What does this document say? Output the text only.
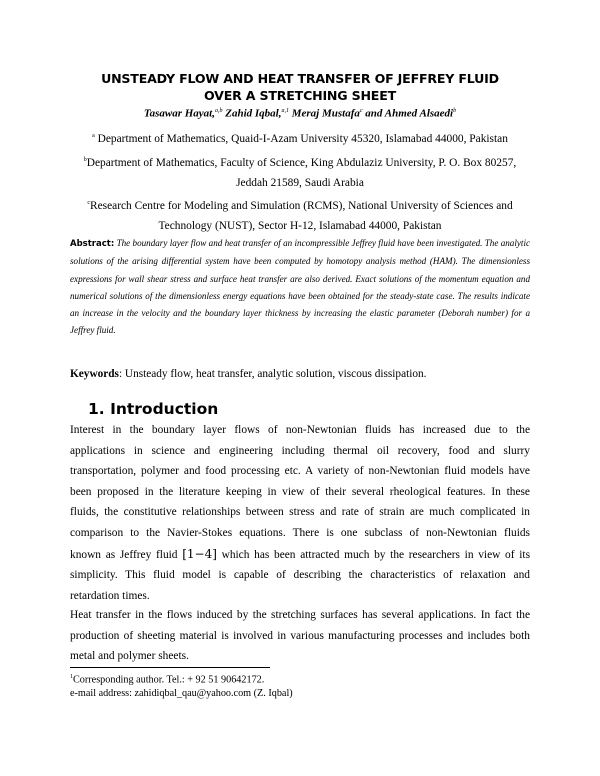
UNSTEADY FLOW AND HEAT TRANSFER OF JEFFREY FLUID
OVER A STRETCHING SHEET
Tasawar Hayat,$^{a,b}$ Zahid Iqbal,$^{a,1}$ Meraj Mustafa$^c$ and Ahmed Alsaedi$^b$
$^a$ Department of Mathematics, Quaid-I-Azam University 45320, Islamabad 44000, Pakistan
$^b$Department of Mathematics, Faculty of Science, King Abdulaziz University, P. O. Box 80257,
Jeddah 21589, Saudi Arabia
$^c$Research Centre for Modeling and Simulation (RCMS), National University of Sciences and
Technology (NUST), Sector H-12, Islamabad 44000, Pakistan
Abstract: The boundary layer flow and heat transfer of an incompressible Jeffrey fluid have been investigated. The analytic solutions of the arising differential system have been computed by homotopy analysis method (HAM). The dimensionless expressions for wall shear stress and surface heat transfer are also derived. Exact solutions of the momentum equation and numerical solutions of the dimensionless energy equations have been obtained for the steady-state case. The results indicate an increase in the velocity and the boundary layer thickness by increasing the elastic parameter (Deborah number) for a Jeffrey fluid.
Keywords: Unsteady flow, heat transfer, analytic solution, viscous dissipation.
1. Introduction
Interest in the boundary layer flows of non-Newtonian fluids has increased due to the
applications in science and engineering including thermal oil recovery, food and slurry
transportation, polymer and food processing etc. A variety of non-Newtonian fluid models have
been proposed in the literature keeping in view of their several rheological features. In these
fluids, the constitutive relationships between stress and rate of strain are much complicated in
comparison to the Navier-Stokes equations. There is one subclass of non-Newtonian fluids
known as Jeffrey fluid [1−4] which has been attracted much by the researchers in view of its
simplicity. This fluid model is capable of describing the characteristics of relaxation and
retardation times.
Heat transfer in the flows induced by the stretching surfaces has several applications. In fact the
production of sheeting material is involved in various manufacturing processes and includes both
metal and polymer sheets.
$^1$Corresponding author. Tel.: + 92 51 90642172.
e-mail address: zahidiqbal_qau@yahoo.com (Z. Iqbal)
